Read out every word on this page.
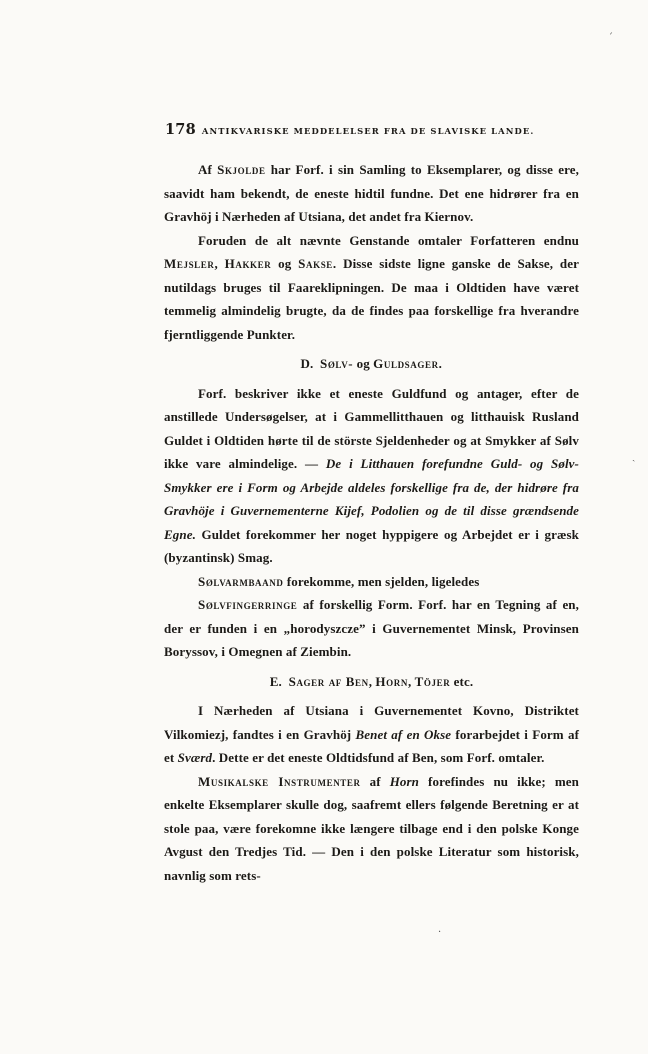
178 ANTIKVARISKE MEDDELELSER FRA DE SLAVISKE LANDE.

Af Skjolde har Forf. i sin Samling to Eksemplarer, og disse ere, saavidt ham bekendt, de eneste hidtil fundne. Det ene hidrører fra en Gravhöj i Nærheden af Utsiana, det andet fra Kiernov.

Foruden de alt nævnte Genstande omtaler Forfatteren endnu Mejsler, Hakker og Sakse. Disse sidste ligne ganske de Sakse, der nutildags bruges til Faareklipningen. De maa i Oldtiden have været temmelig almindelig brugte, da de findes paa forskellige fra hverandre fjerntliggende Punkter.

D. Sølv- og Guldsager.

Forf. beskriver ikke et eneste Guldfund og antager, efter de anstillede Undersøgelser, at i Gammellitthauen og litthauisk Rusland Guldet i Oldtiden hørte til de störste Sjeldenheder og at Smykker af Sølv ikke vare almindelige. — De i Litthauen forefundne Guld- og Sølv-Smykker ere i Form og Arbejde aldeles forskellige fra de, der hidrøre fra Gravhöje i Guvernementerne Kijef, Podolien og de til disse grændsende Egne. Guldet forekommer her noget hyppigere og Arbejdet er i græsk (byzantinsk) Smag.

Sølvarmbaand forekomme, men sjelden, ligeledes

Sølvfingerringe af forskellig Form. Forf. har en Tegning af en, der er funden i en „horodyszcze” i Guvernementet Minsk, Provinsen Boryssov, i Omegnen af Ziembin.

E. Sager af Ben, Horn, Töjer etc.

I Nærheden af Utsiana i Guvernementet Kovno, Distriktet Vilkomiezj, fandtes i en Gravhöj Benet af en Okse forarbejdet i Form af et Sværd. Dette er det eneste Oldtidsfund af Ben, som Forf. omtaler.

Musikalske Instrumenter af Horn forefindes nu ikke; men enkelte Eksemplarer skulle dog, saafremt ellers følgende Beretning er at stole paa, være forekomne ikke længere tilbage end i den polske Konge Avgust den Tredjes Tid. — Den i den polske Literatur som historisk, navnlig som rets-

´
ˎ
·
